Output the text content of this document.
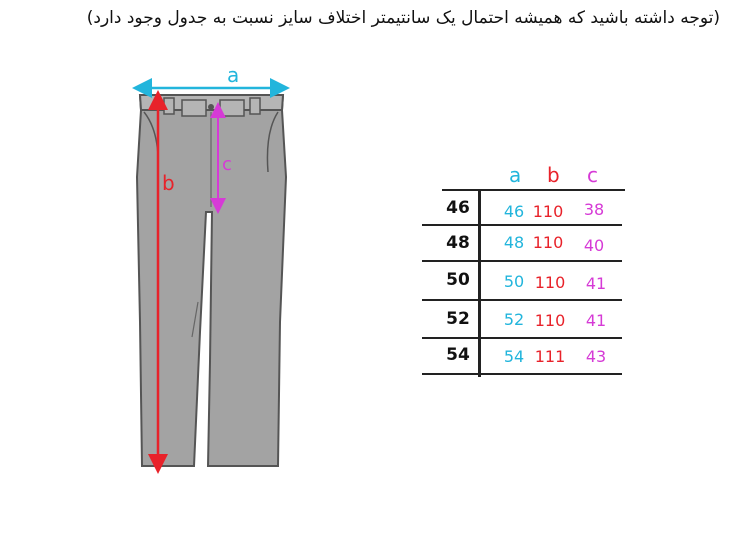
(توجه داشته باشید که همیشه احتمال یک سانتیمتر اختلاف سایز نسبت به جدول وجود دارد)
a
b
c	a b c
46	46 110	38
48	48 110	40
50	50 110	41
52	52 110	41
54	54 111	43
